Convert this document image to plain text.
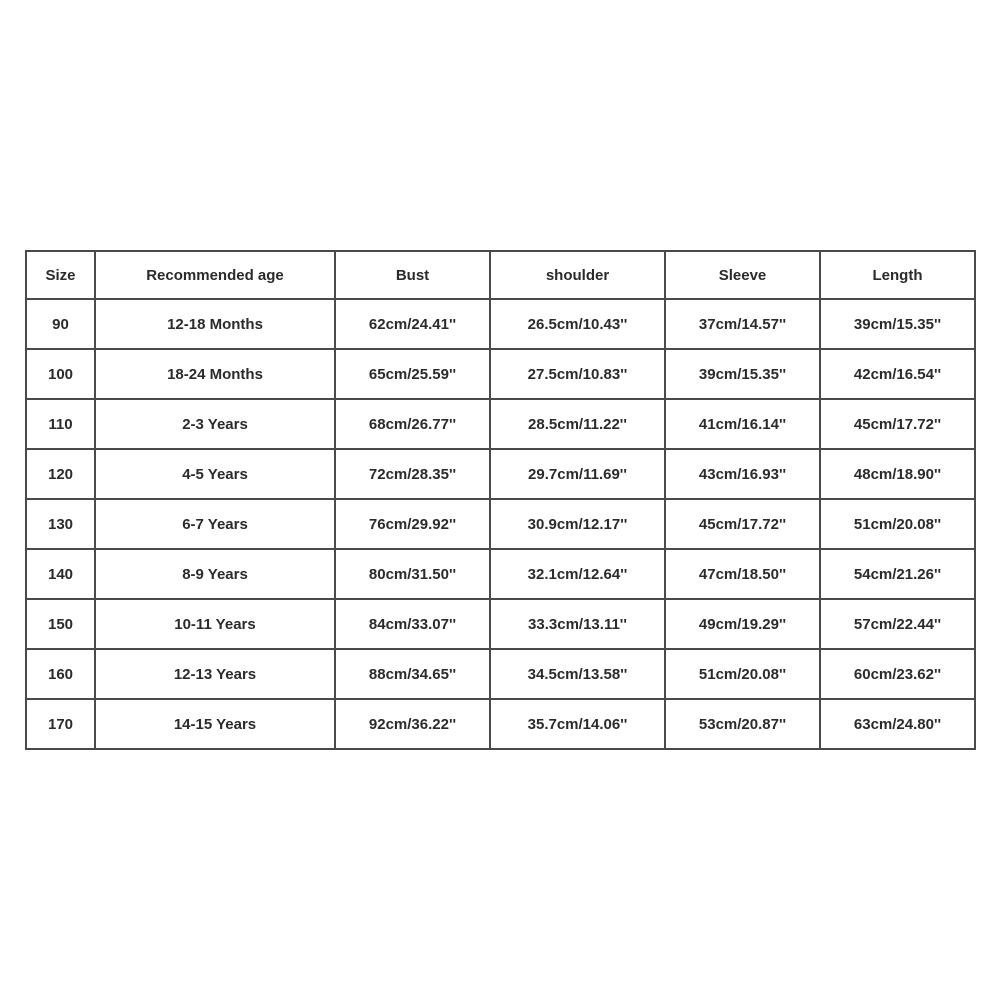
Size	Recommended age	Bust	shoulder	Sleeve	Length
90	12-18 Months	62cm/24.41''	26.5cm/10.43''	37cm/14.57''	39cm/15.35''
100	18-24 Months	65cm/25.59''	27.5cm/10.83''	39cm/15.35''	42cm/16.54''
110	2-3 Years	68cm/26.77''	28.5cm/11.22''	41cm/16.14''	45cm/17.72''
120	4-5 Years	72cm/28.35''	29.7cm/11.69''	43cm/16.93''	48cm/18.90''
130	6-7 Years	76cm/29.92''	30.9cm/12.17''	45cm/17.72''	51cm/20.08''
140	8-9 Years	80cm/31.50''	32.1cm/12.64''	47cm/18.50''	54cm/21.26''
150	10-11 Years	84cm/33.07''	33.3cm/13.11''	49cm/19.29''	57cm/22.44''
160	12-13 Years	88cm/34.65''	34.5cm/13.58''	51cm/20.08''	60cm/23.62''
170	14-15 Years	92cm/36.22''	35.7cm/14.06''	53cm/20.87''	63cm/24.80''
